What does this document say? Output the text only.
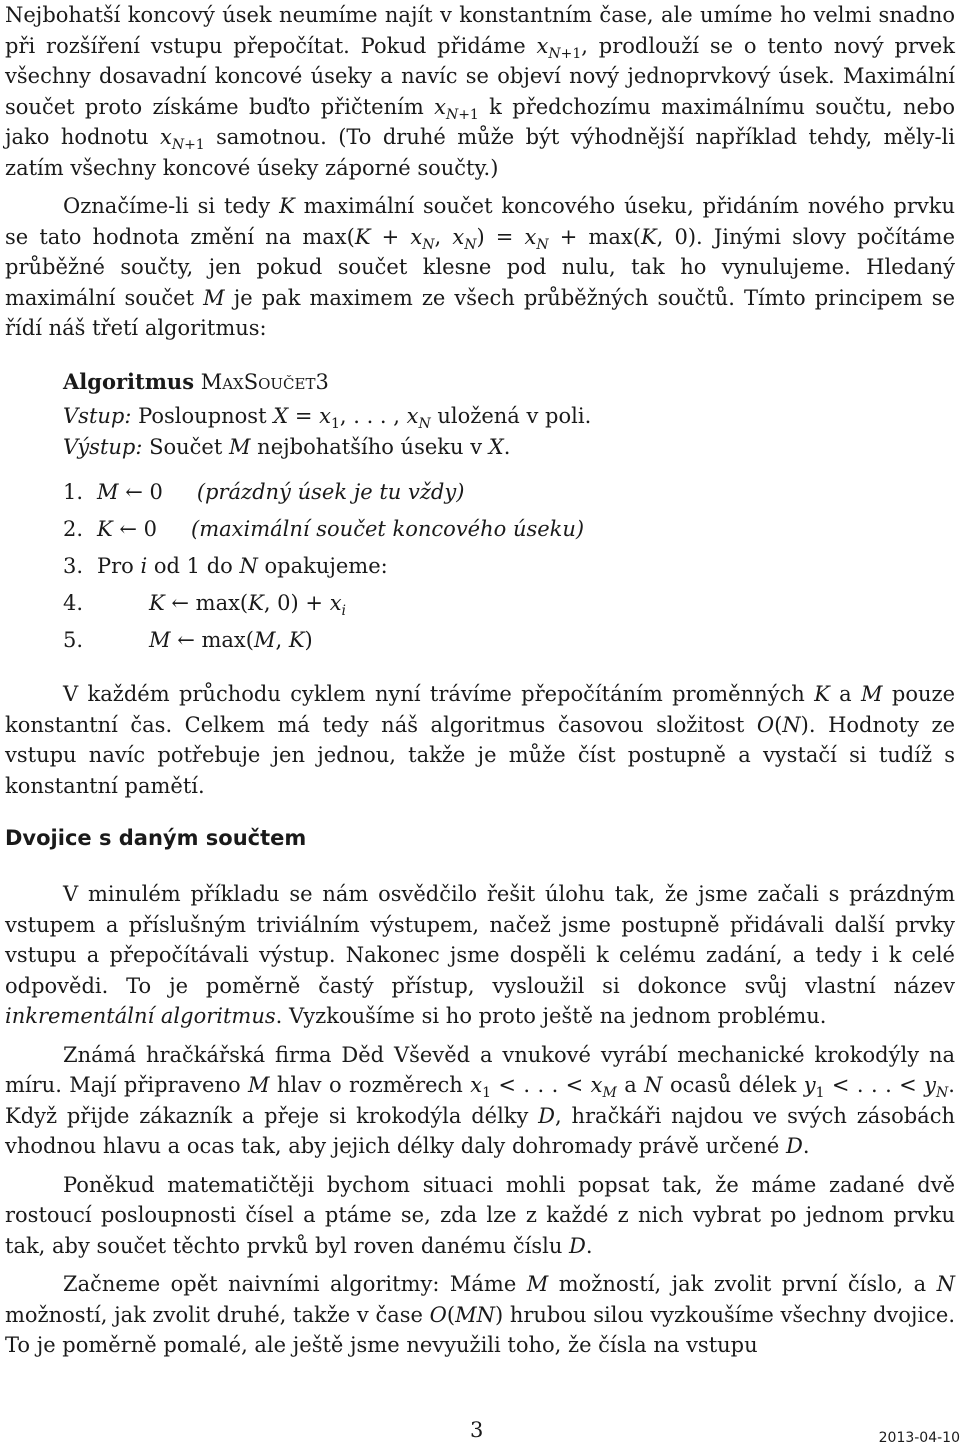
Nejbohatší koncový úsek neumíme najít v konstantním čase, ale umíme ho velmi snadno při rozšíření vstupu přepočítat. Pokud přidáme $x_{N+1}$, prodlouží se o tento nový prvek všechny dosavadní koncové úseky a navíc se objeví nový jednoprvkový úsek. Maximální součet proto získáme buďto přičtením $x_{N+1}$ k předchozímu maximálnímu součtu, nebo jako hodnotu $x_{N+1}$ samotnou. (To druhé může být výhodnější například tehdy, měly-li zatím všechny koncové úseky záporné součty.)

Označíme-li si tedy K maximální součet koncového úseku, přidáním nového prvku se tato hodnota změní na $\max(K + x_N$, $x_N) = x_N + \max(K$, 0). Jinými slovy počítáme průběžné součty, jen pokud součet klesne pod nulu, tak ho vynulujeme. Hledaný maximální součet M je pak maximem ze všech průběžných součtů. Tímto principem se řídí náš třetí algoritmus:

Algoritmus MaxSoučet3

Vstup: Posloupnost $X = x_1$, . . . , $x_N$ uložená v poli.

Výstup: Součet M nejbohatšího úseku v X.

1. M ← 0 (prázdný úsek je tu vždy)
2. K ← 0 (maximální součet koncového úseku)
3. Pro i od 1 do N opakujeme:
4.	K ← max(K, $0) + x_i$
5.	M ← max(M, K)

V každém průchodu cyklem nyní trávíme přepočítáním proměnných K a M pouze konstantní čas. Celkem má tedy náš algoritmus časovou složitost O(N). Hodnoty ze vstupu navíc potřebuje jen jednou, takže je může číst postupně a vystačí si tudíž s konstantní pamětí.

Dvojice s daným součtem

V minulém příkladu se nám osvědčilo řešit úlohu tak, že jsme začali s prázdným vstupem a příslušným triviálním výstupem, načež jsme postupně přidávali další prvky vstupu a přepočítávali výstup. Nakonec jsme dospěli k celému zadání, a tedy i k celé odpovědi. To je poměrně častý přístup, vysloužil si dokonce svůj vlastní název inkrementální algoritmus. Vyzkoušíme si ho proto ještě na jednom problému.

Známá hračkářská firma Děd Vševěd a vnukové vyrábí mechanické krokodýly na míru. Mají připraveno M hlav o rozměrech $x_1$ < . . . < $x_M$ a N ocasů délek $y_1$ < . . . < $y_N$. Když přijde zákazník a přeje si krokodýla délky D, hračkáři najdou ve svých zásobách vhodnou hlavu a ocas tak, aby jejich délky daly dohromady právě určené D.

Poněkud matematičtěji bychom situaci mohli popsat tak, že máme zadané dvě rostoucí posloupnosti čísel a ptáme se, zda lze z každé z nich vybrat po jednom prvku tak, aby součet těchto prvků byl roven danému číslu D.

Začneme opět naivními algoritmy: Máme M možností, jak zvolit první číslo, a N možností, jak zvolit druhé, takže v čase O(MN) hrubou silou vyzkoušíme všechny dvojice. To je poměrně pomalé, ale ještě jsme nevyužili toho, že čísla na vstupu

3	2013-04-10
